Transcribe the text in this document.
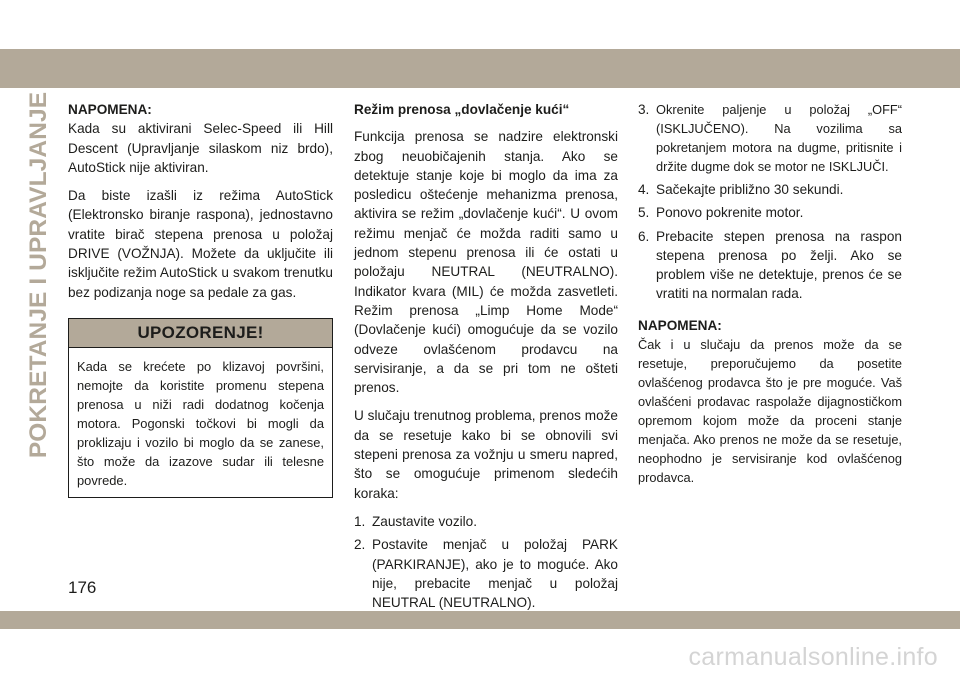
POKRETANJE I UPRAVLJANJE NAPOMENA:

Kada su aktivirani Selec-Speed ili Hill Descent (Upravljanje silaskom niz brdo), AutoStick nije aktiviran.

Da biste izašli iz režima AutoStick (Elektronsko biranje raspona), jednostavno vratite birač stepena prenosa u položaj DRIVE (VOŽNJA). Možete da uključite ili isključite režim AutoStick u svakom trenutku bez podizanja noge sa pedale za gas.

UPOZORENJE!
Kada se krećete po klizavoj površini, nemojte da koristite promenu stepena prenosa u niži radi dodatnog kočenja motora. Pogonski točkovi bi mogli da proklizaju i vozilo bi moglo da se zanese, što može da izazove sudar ili telesne povrede.
Režim prenosa „dovlačenje kući“

Funkcija prenosa se nadzire elektronski zbog neuobičajenih stanja. Ako se detektuje stanje koje bi moglo da ima za posledicu oštećenje mehanizma prenosa, aktivira se režim „dovlačenje kući“. U ovom režimu menjač će možda raditi samo u jednom stepenu prenosa ili će ostati u položaju NEUTRAL (NEUTRALNO). Indikator kvara (MIL) će možda zasvetleti. Režim prenosa „Limp Home Mode“ (Dovlačenje kući) omogućuje da se vozilo odveze ovlašćenom prodavcu na servisiranje, a da se pri tom ne ošteti prenos.

U slučaju trenutnog problema, prenos može da se resetuje kako bi se obnovili svi stepeni prenosa za vožnju u smeru napred, što se omogućuje primenom sledećih koraka:

1. Zaustavite vozilo.
2. Postavite menjač u položaj PARK (PARKIRANJE), ako je to moguće. Ako nije, prebacite menjač u položaj NEUTRAL (NEUTRALNO).
3. Okrenite paljenje u položaj „OFF“ (ISKLJUČENO). Na vozilima sa pokretanjem motora na dugme, pritisnite i držite dugme dok se motor ne ISKLJUČI.
4. Sačekajte približno 30 sekundi.
5. Ponovo pokrenite motor.
6. Prebacite stepen prenosa na raspon stepena prenosa po želji. Ako se problem više ne detektuje, prenos će se vratiti na normalan rada.
NAPOMENA:

Čak i u slučaju da prenos može da se resetuje, preporučujemo da posetite ovlašćenog prodavca što je pre moguće. Vaš ovlašćeni prodavac raspolaže dijagnostičkom opremom kojom može da proceni stanje menjača. Ako prenos ne može da se resetuje, neophodno je servisiranje kod ovlašćenog prodavca.

176
carmanualsonline.info
